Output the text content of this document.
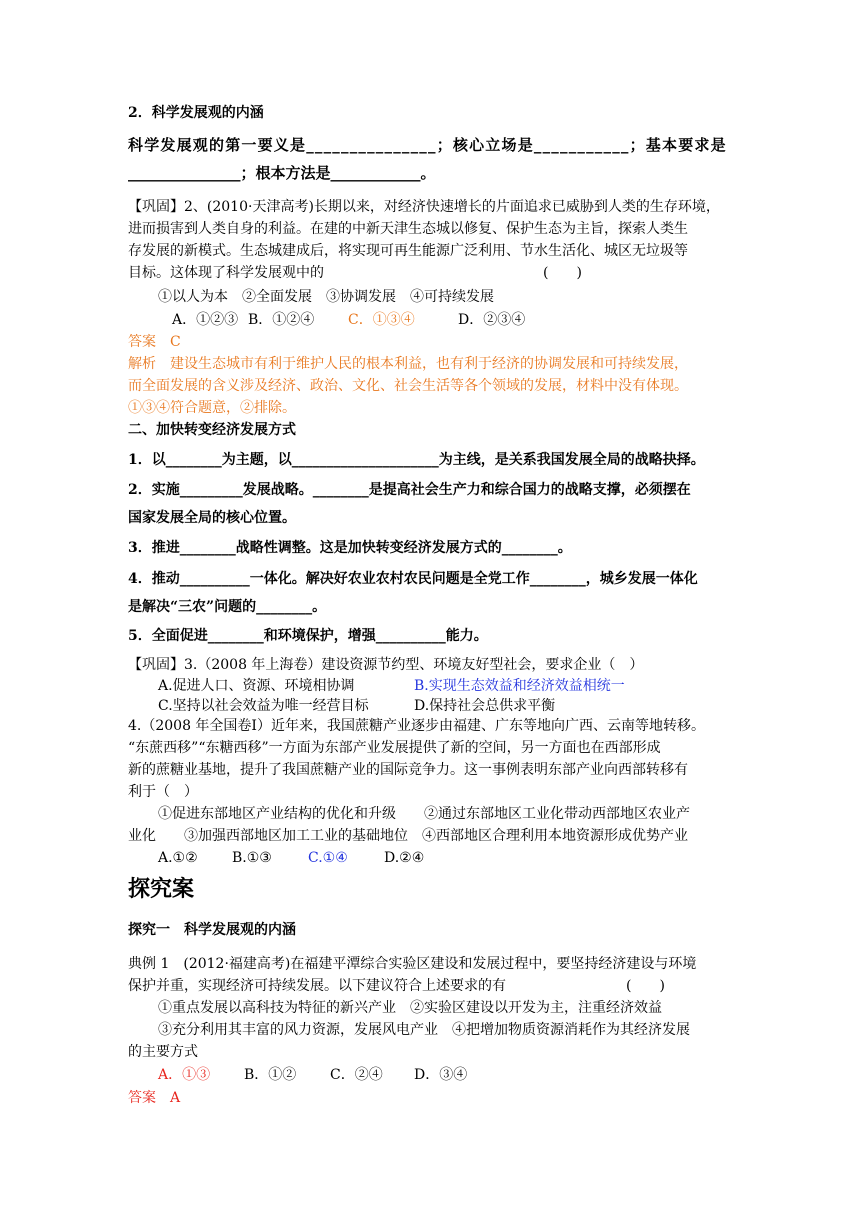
2．科学发展观的内涵
科学发展观的第一要义是_______________；核心立场是___________；基本要求是
_______________；根本方法是____________。
【巩固】2、(2010·天津高考)长期以来，对经济快速增长的片面追求已威胁到人类的生存环境，
进而损害到人类自身的利益。在建的中新天津生态城以修复、保护生态为主旨，探索人类生
存发展的新模式。生态城建成后，将实现可再生能源广泛利用、节水生活化、城区无垃圾等
目标。这体现了科学发展观中的	(　　)
①以人为本　②全面发展　③协调发展　④可持续发展
A．①②③ B．①②④ C．①③④	D．②③④
答案　C
解析　建设生态城市有利于维护人民的根本利益，也有利于经济的协调发展和可持续发展，
而全面发展的含义涉及经济、政治、文化、社会生活等各个领域的发展，材料中没有体现。
①③④符合题意，②排除。
二、加快转变经济发展方式
1．以________为主题，以_____________________为主线，是关系我国发展全局的战略抉择。
2．实施_________发展战略。________是提高社会生产力和综合国力的战略支撑，必须摆在
国家发展全局的核心位置。
3．推进________战略性调整。这是加快转变经济发展方式的________。
4．推动__________一体化。解决好农业农村农民问题是全党工作________，城乡发展一体化
是解决“三农”问题的________。
5．全面促进________和环境保护，增强__________能力。
【巩固】3.（2008 年上海卷）建设资源节约型、环境友好型社会，要求企业（　）
A.促进人口、资源、环境相协调	B.实现生态效益和经济效益相统一
C.坚持以社会效益为唯一经营目标	D.保持社会总供求平衡
4.（2008 年全国卷Ⅰ）近年来，我国蔗糖产业逐步由福建、广东等地向广西、云南等地转移。
“东蔗西移”“东糖西移”一方面为东部产业发展提供了新的空间，另一方面也在西部形成
新的蔗糖业基地，提升了我国蔗糖产业的国际竞争力。这一事例表明东部产业向西部转移有
利于（　）
①促进东部地区产业结构的优化和升级　　②通过东部地区工业化带动西部地区农业产
业化　　③加强西部地区加工工业的基础地位　④西部地区合理利用本地资源形成优势产业
A.①② B.①③	C.①④	D.②④
探究案
探究一　科学发展观的内涵
典例 1　(2012·福建高考)在福建平潭综合实验区建设和发展过程中，要坚持经济建设与环境
保护并重，实现经济可持续发展。以下建议符合上述要求的有	(　　)
①重点发展以高科技为特征的新兴产业　②实验区建设以开发为主，注重经济效益
③充分利用其丰富的风力资源，发展风电产业　④把增加物质资源消耗作为其经济发展
的主要方式
A．①③ B．①② C．②④ D．③④
答案　A
